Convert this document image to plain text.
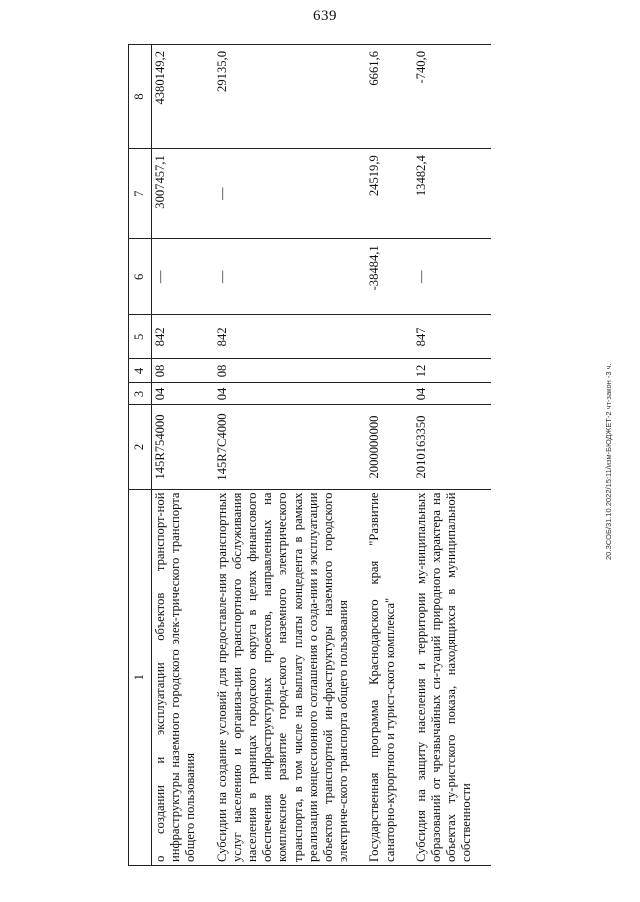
639
1	2	3	4	5	6	7	8
о создании и эксплуатации объектов транспорт-ной инфраструктуры наземного городского элек-трического транспорта общего пользования	145R754000	04	08	842	—	3007457,1	4380149,2
Субсидии на создание условий для предоставле-ния транспортных услуг населению и организа-ции транспортного обслуживания населения в границах городского округа в целях финансового обеспечения инфраструктурных проектов, направленных на комплексное развитие город-ского наземного электрического транспорта, в том числе на выплату платы концедента в рамках реализации концессионного соглашения о созда-нии и эксплуатации объектов транспортной ин-фраструктуры наземного городского электриче-ского транспорта общего пользования	145R7C4000	04	08	842	—	—	29135,0
Государственная программа Краснодарского края "Развитие санаторно-курортного и турист-ского комплекса"	2000000000				-38484,1	24519,9	6661,6
Субсидия на защиту населения и территории му-ниципальных образований от чрезвычайных си-туаций природного характера на объектах ту-ристского показа, находящихся в муниципальной собственности	2010163350	04	12	847	—	13482,4	-740,0
20.ЗСОБ/31.10.2022/15:11/изм-БЮДЖЕТ-2 чт-закон -3 ч.
